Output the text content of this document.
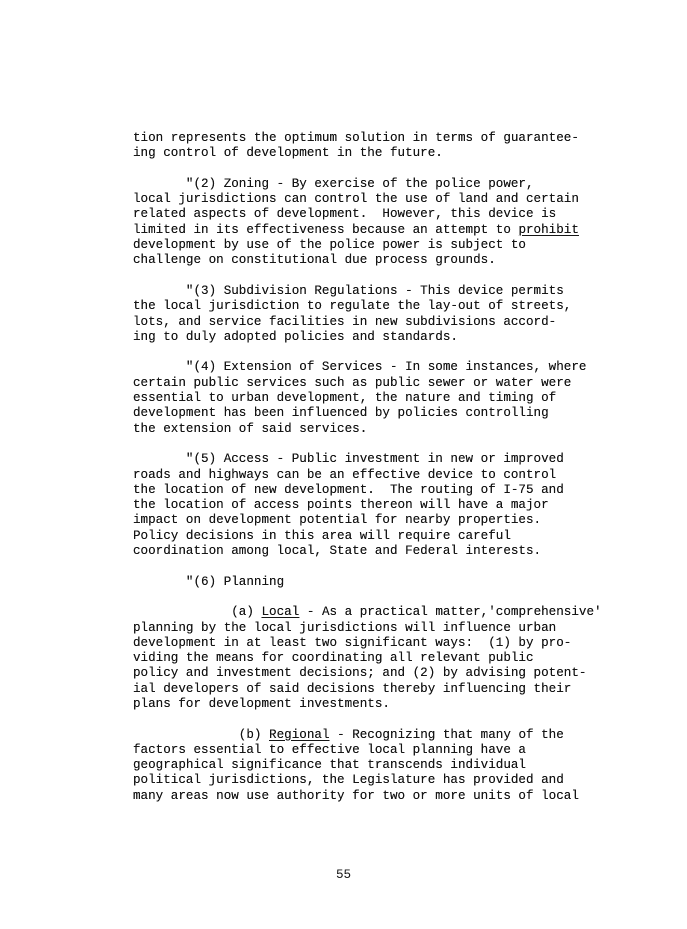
tion represents the optimum solution in terms of guarantee-
ing control of development in the future.
"(2) Zoning - By exercise of the police power,
local jurisdictions can control the use of land and certain
related aspects of development.  However, this device is
limited in its effectiveness because an attempt to prohibit
development by use of the police power is subject to
challenge on constitutional due process grounds.
"(3) Subdivision Regulations - This device permits
the local jurisdiction to regulate the lay-out of streets,
lots, and service facilities in new subdivisions accord-
ing to duly adopted policies and standards.
"(4) Extension of Services - In some instances, where
certain public services such as public sewer or water were
essential to urban development, the nature and timing of
development has been influenced by policies controlling
the extension of said services.
"(5) Access - Public investment in new or improved
roads and highways can be an effective device to control
the location of new development.  The routing of I-75 and
the location of access points thereon will have a major
impact on development potential for nearby properties.
Policy decisions in this area will require careful
coordination among local, State and Federal interests.
"(6) Planning
(a) Local - As a practical matter,'comprehensive'
planning by the local jurisdictions will influence urban
development in at least two significant ways:  (1) by pro-
viding the means for coordinating all relevant public
policy and investment decisions; and (2) by advising potent-
ial developers of said decisions thereby influencing their
plans for development investments.
(b) Regional - Recognizing that many of the
factors essential to effective local planning have a
geographical significance that transcends individual
political jurisdictions, the Legislature has provided and
many areas now use authority for two or more units of local
55
